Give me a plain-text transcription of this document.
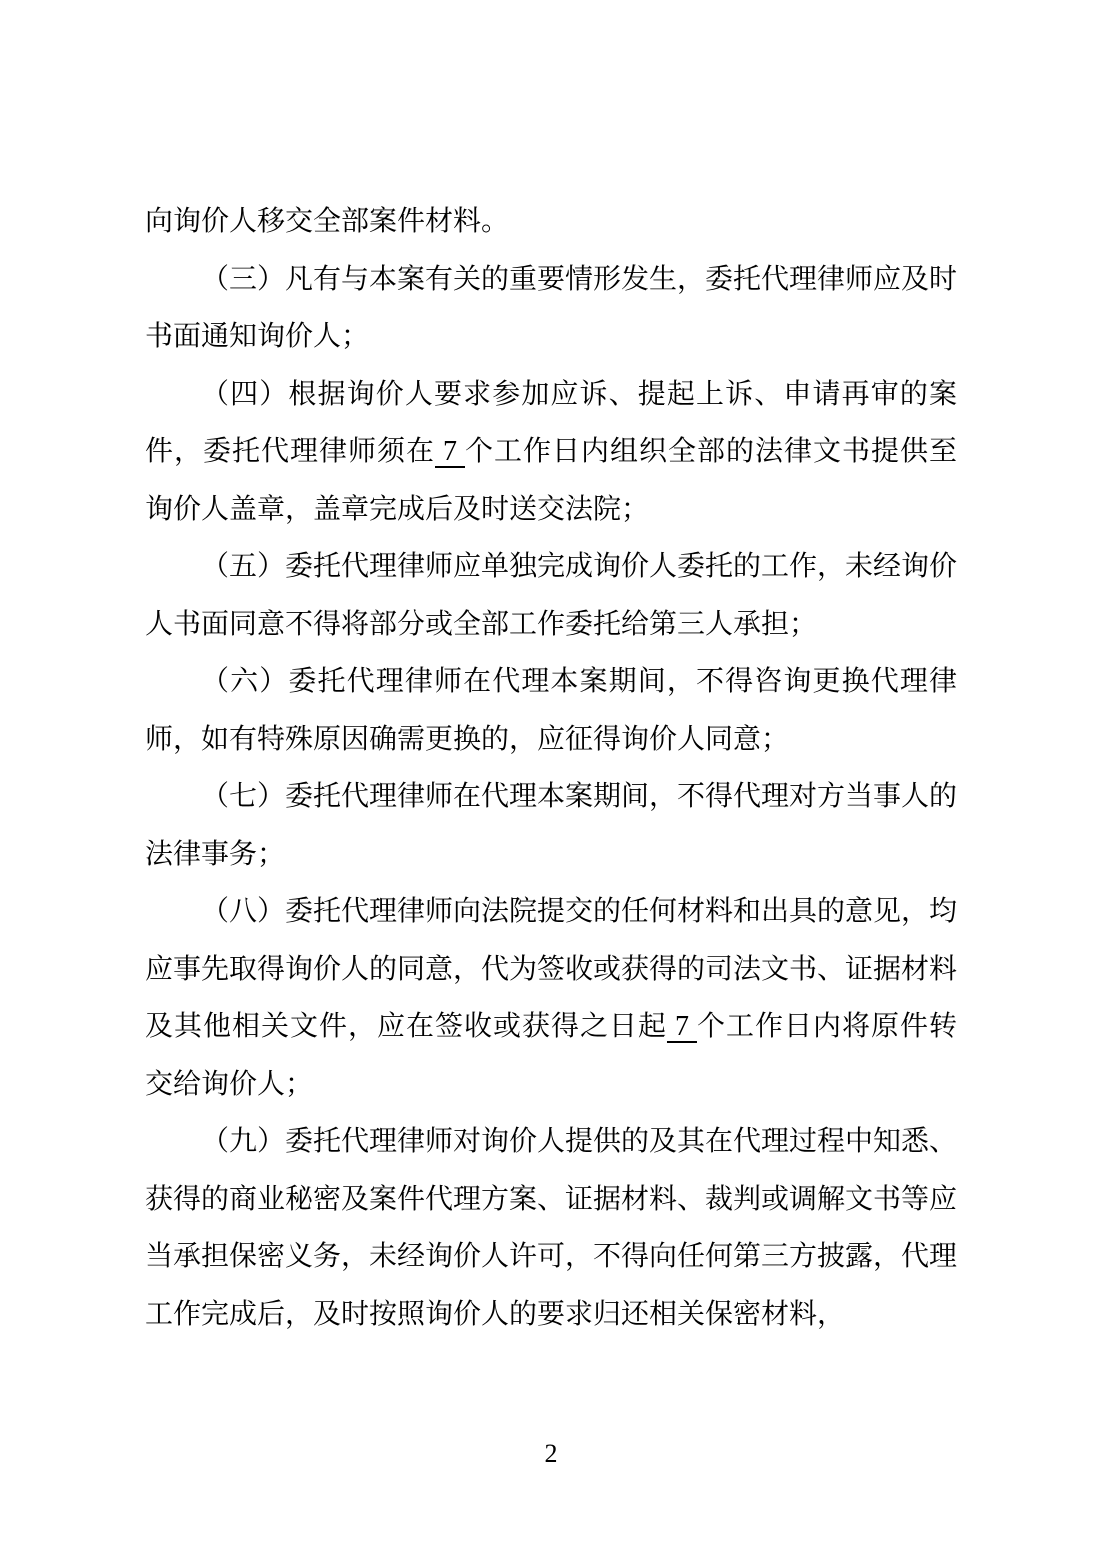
向询价人移交全部案件材料。

（三）凡有与本案有关的重要情形发生，委托代理律师应及时书面通知询价人；

（四）根据询价人要求参加应诉、提起上诉、申请再审的案件，委托代理律师须在 7 个工作日内组织全部的法律文书提供至询价人盖章，盖章完成后及时送交法院；

（五）委托代理律师应单独完成询价人委托的工作，未经询价人书面同意不得将部分或全部工作委托给第三人承担；

（六）委托代理律师在代理本案期间，不得咨询更换代理律师，如有特殊原因确需更换的，应征得询价人同意；

（七）委托代理律师在代理本案期间，不得代理对方当事人的法律事务；

（八）委托代理律师向法院提交的任何材料和出具的意见，均应事先取得询价人的同意，代为签收或获得的司法文书、证据材料及其他相关文件，应在签收或获得之日起 7 个工作日内将原件转交给询价人；

（九）委托代理律师对询价人提供的及其在代理过程中知悉、获得的商业秘密及案件代理方案、证据材料、裁判或调解文书等应当承担保密义务，未经询价人许可，不得向任何第三方披露，代理工作完成后，及时按照询价人的要求归还相关保密材料，

2
